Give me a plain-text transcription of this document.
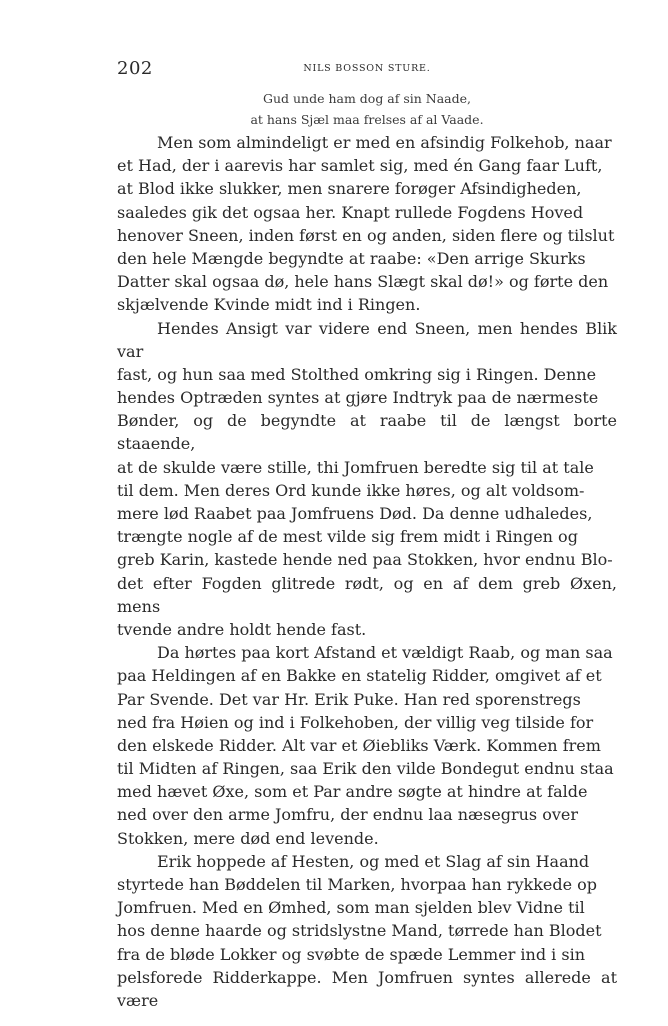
202	NILS BOSSON STURE.
Gud unde ham dog af sin Naade,
at hans Sjæl maa frelses af al Vaade.

Men som almindeligt er med en afsindig Folkehob, naar
et Had, der i aarevis har samlet sig, med én Gang faar Luft,
at Blod ikke slukker, men snarere forøger Afsindigheden,
saaledes gik det ogsaa her. Knapt rullede Fogdens Hoved
henover Sneen, inden først en og anden, siden flere og tilslut
den hele Mængde begyndte at raabe: «Den arrige Skurks
Datter skal ogsaa dø, hele hans Slægt skal dø!» og førte den
skjælvende Kvinde midt ind i Ringen.

Hendes Ansigt var videre end Sneen, men hendes Blik var
fast, og hun saa med Stolthed omkring sig i Ringen. Denne
hendes Optræden syntes at gjøre Indtryk paa de nærmeste
Bønder, og de begyndte at raabe til de længst borte staaende,
at de skulde være stille, thi Jomfruen beredte sig til at tale
til dem. Men deres Ord kunde ikke høres, og alt voldsom-
mere lød Raabet paa Jomfruens Død. Da denne udhaledes,
trængte nogle af de mest vilde sig frem midt i Ringen og
greb Karin, kastede hende ned paa Stokken, hvor endnu Blo-
det efter Fogden glitrede rødt, og en af dem greb Øxen, mens
tvende andre holdt hende fast.

Da hørtes paa kort Afstand et vældigt Raab, og man saa
paa Heldingen af en Bakke en statelig Ridder, omgivet af et
Par Svende. Det var Hr. Erik Puke. Han red sporenstregs
ned fra Høien og ind i Folkehoben, der villig veg tilside for
den elskede Ridder. Alt var et Øiebliks Værk. Kommen frem
til Midten af Ringen, saa Erik den vilde Bondegut endnu staa
med hævet Øxe, som et Par andre søgte at hindre at falde
ned over den arme Jomfru, der endnu laa næsegrus over
Stokken, mere død end levende.

Erik hoppede af Hesten, og med et Slag af sin Haand
styrtede han Bøddelen til Marken, hvorpaa han rykkede op
Jomfruen. Med en Ømhed, som man sjelden blev Vidne til
hos denne haarde og stridslystne Mand, tørrede han Blodet
fra de bløde Lokker og svøbte de spæde Lemmer ind i sin
pelsforede Ridderkappe. Men Jomfruen syntes allerede at være
